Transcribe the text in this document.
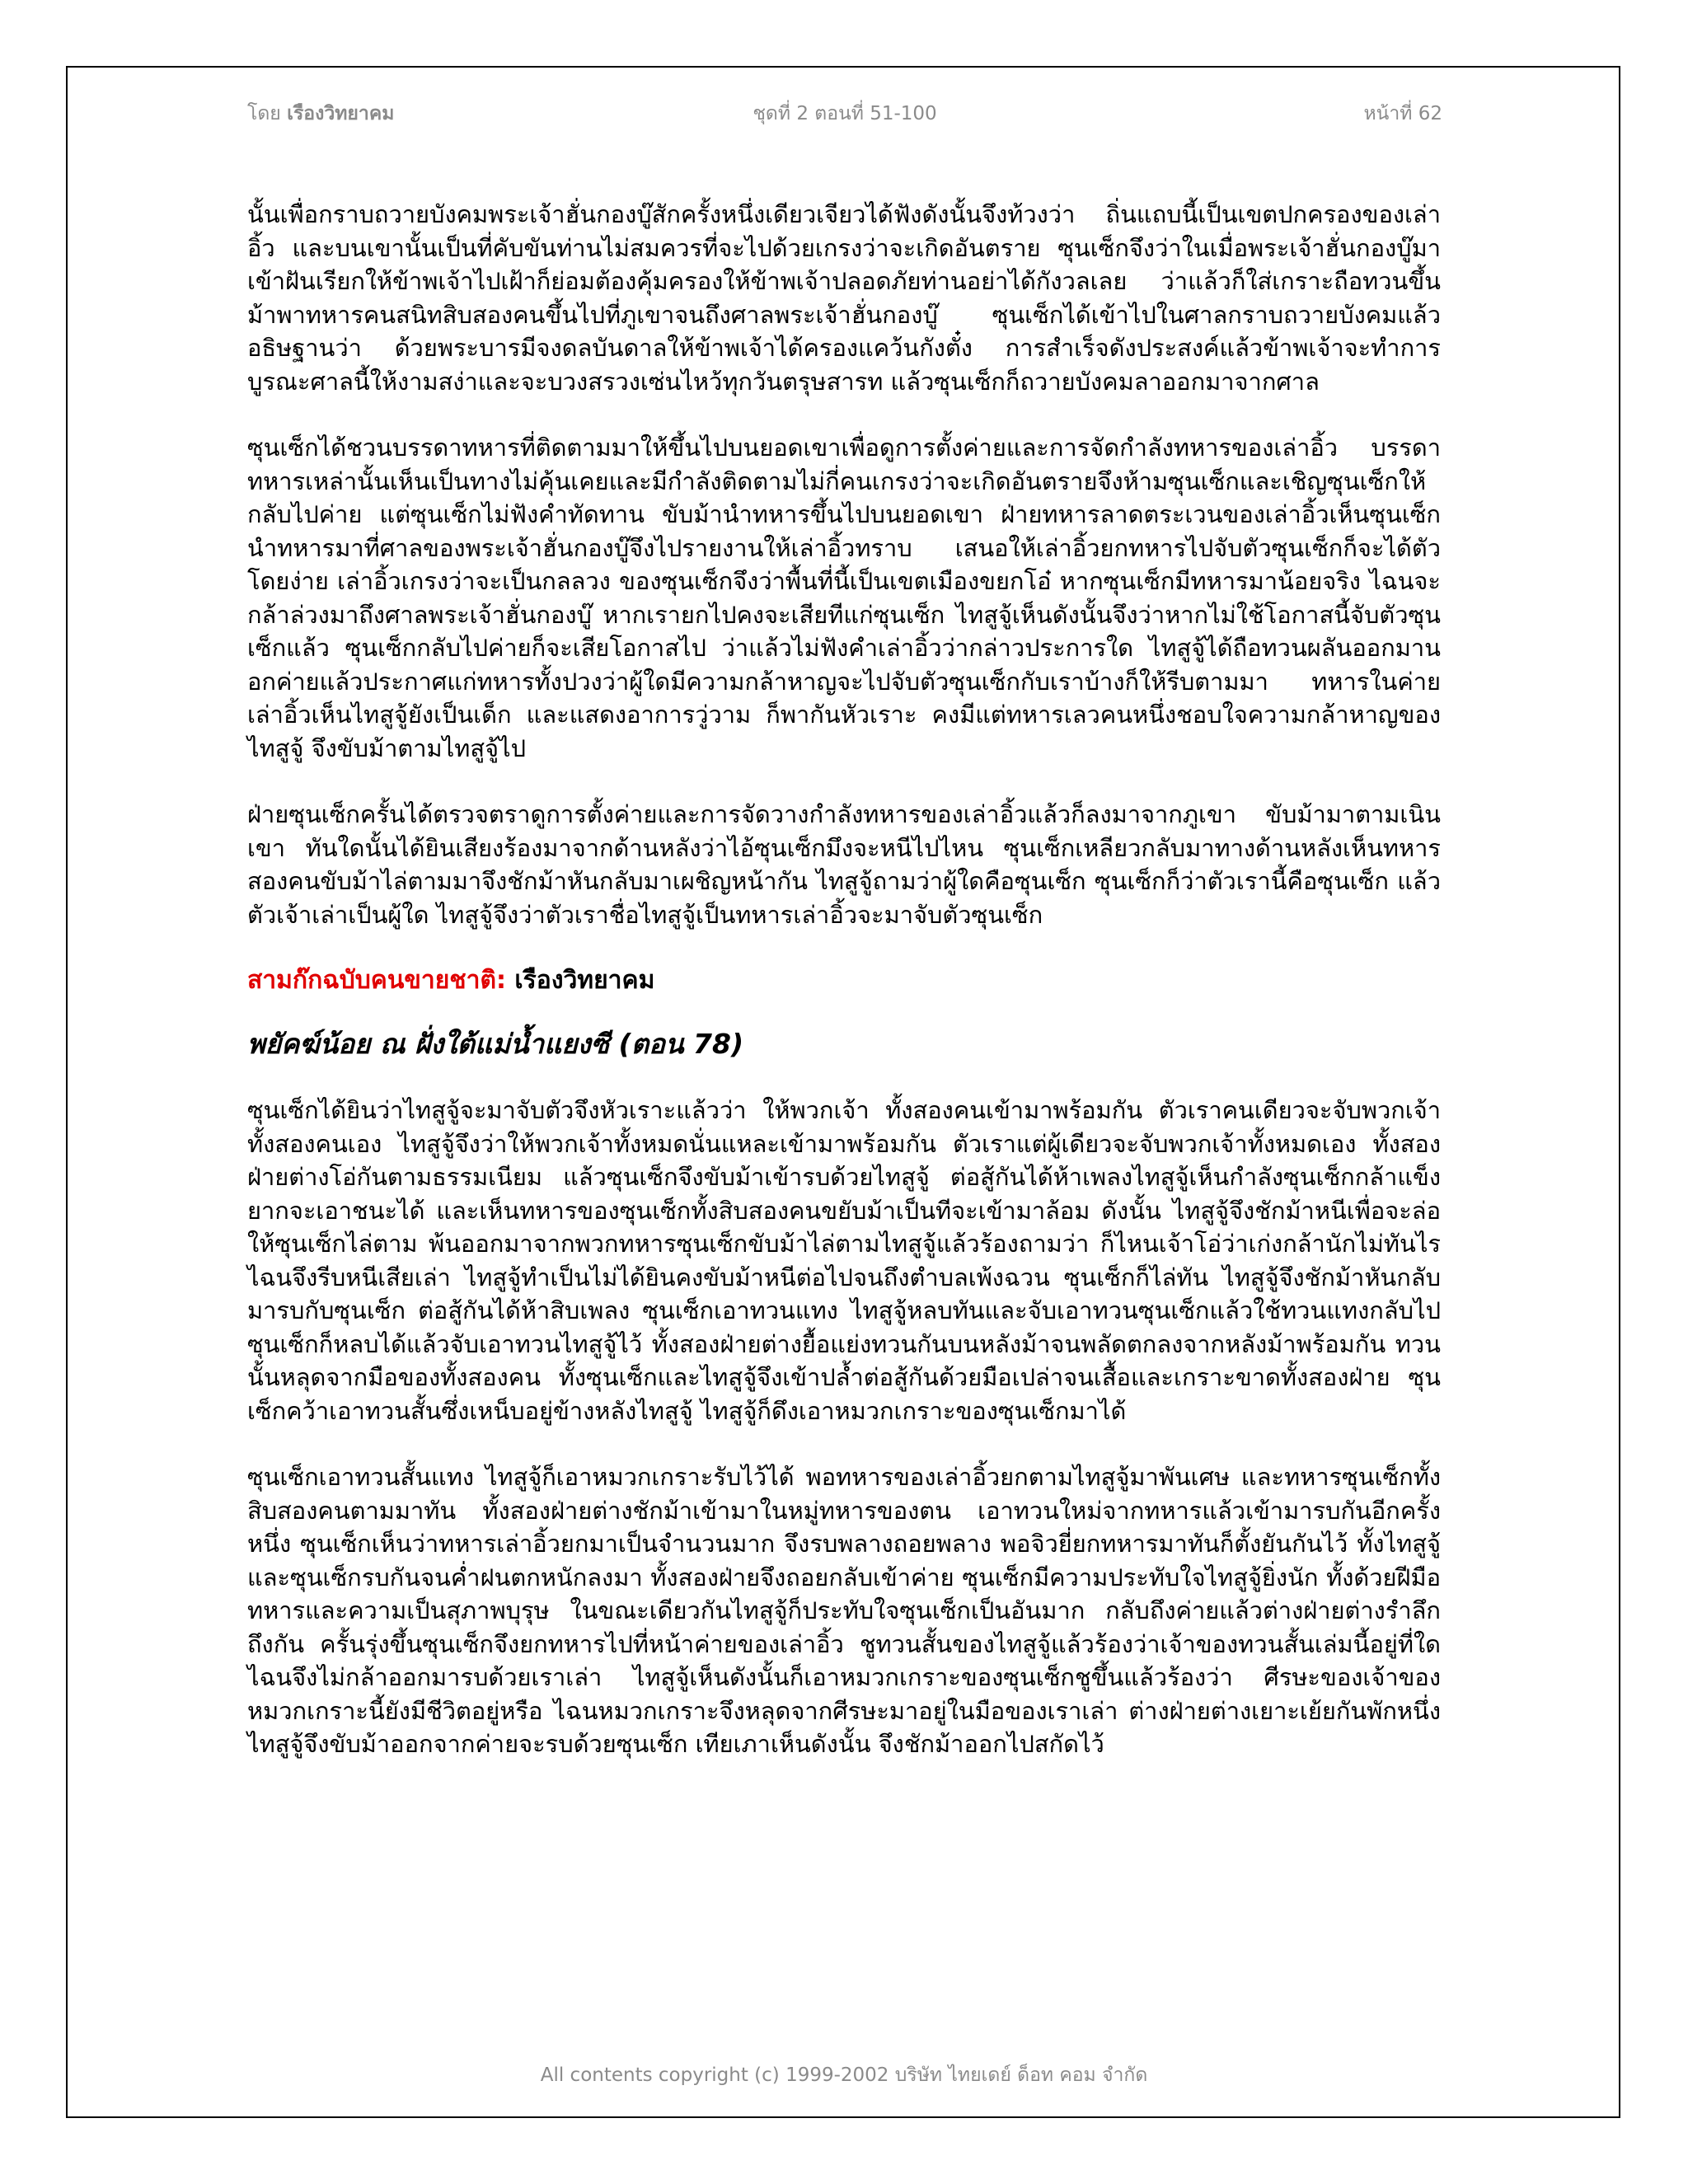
โดย เรืองวิทยาคม	ชุดที่ 2 ตอนที่ 51-100	หน้าที่ 62

นั้นเพื่อกราบถวายบังคมพระเจ้าฮั่นกองบู๊สักครั้งหนึ่งเดียวเจียวได้ฟังดังนั้นจึงท้วงว่า ถิ่นแถบนี้เป็นเขตปกครองของเล่าอิ้ว และบนเขานั้นเป็นที่คับขันท่านไม่สมควรที่จะไปด้วยเกรงว่าจะเกิดอันตราย ซุนเซ็กจึงว่าในเมื่อพระเจ้าฮั่นกองบู๊มาเข้าฝันเรียกให้ข้าพเจ้าไปเฝ้าก็ย่อมต้องคุ้มครองให้ข้าพเจ้าปลอดภัยท่านอย่าได้กังวลเลย ว่าแล้วก็ใส่เกราะถือทวนขึ้นม้าพาทหารคนสนิทสิบสองคนขึ้นไปที่ภูเขาจนถึงศาลพระเจ้าฮั่นกองบู๊ ซุนเซ็กได้เข้าไปในศาลกราบถวายบังคมแล้วอธิษฐานว่า ด้วยพระบารมีจงดลบันดาลให้ข้าพเจ้าได้ครองแคว้นกังตั๋ง การสำเร็จดังประสงค์แล้วข้าพเจ้าจะทำการบูรณะศาลนี้ให้งามสง่าและจะบวงสรวงเซ่นไหว้ทุกวันตรุษสารท แล้วซุนเซ็กก็ถวายบังคมลาออกมาจากศาล

ซุนเซ็กได้ชวนบรรดาทหารที่ติดตามมาให้ขึ้นไปบนยอดเขาเพื่อดูการตั้งค่ายและการจัดกำลังทหารของเล่าอิ้ว บรรดาทหารเหล่านั้นเห็นเป็นทางไม่คุ้นเคยและมีกำลังติดตามไม่กี่คนเกรงว่าจะเกิดอันตรายจึงห้ามซุนเซ็กและเชิญซุนเซ็กให้กลับไปค่าย แต่ซุนเซ็กไม่ฟังคำทัดทาน ขับม้านำทหารขึ้นไปบนยอดเขา ฝ่ายทหารลาดตระเวนของเล่าอิ้วเห็นซุนเซ็กนำทหารมาที่ศาลของพระเจ้าฮั่นกองบู๊จึงไปรายงานให้เล่าอิ้วทราบ เสนอให้เล่าอิ้วยกทหารไปจับตัวซุนเซ็กก็จะได้ตัวโดยง่าย เล่าอิ้วเกรงว่าจะเป็นกลลวง ของซุนเซ็กจึงว่าพื้นที่นี้เป็นเขตเมืองขยกโอ๋ หากซุนเซ็กมีทหารมาน้อยจริง ไฉนจะกล้าล่วงมาถึงศาลพระเจ้าฮั่นกองบู๊ หากเรายกไปคงจะเสียทีแก่ซุนเซ็ก ไทสูจู้เห็นดังนั้นจึงว่าหากไม่ใช้โอกาสนี้จับตัวซุนเซ็กแล้ว ซุนเซ็กกลับไปค่ายก็จะเสียโอกาสไป ว่าแล้วไม่ฟังคำเล่าอิ้วว่ากล่าวประการใด ไทสูจู้ได้ถือทวนผลันออกมานอกค่ายแล้วประกาศแก่ทหารทั้งปวงว่าผู้ใดมีความกล้าหาญจะไปจับตัวซุนเซ็กกับเราบ้างก็ให้รีบตามมา ทหารในค่ายเล่าอิ้วเห็นไทสูจู้ยังเป็นเด็ก และแสดงอาการวู่วาม ก็พากันหัวเราะ คงมีแต่ทหารเลวคนหนึ่งชอบใจความกล้าหาญของไทสูจู้ จึงขับม้าตามไทสูจู้ไป

ฝ่ายซุนเซ็กครั้นได้ตรวจตราดูการตั้งค่ายและการจัดวางกำลังทหารของเล่าอิ้วแล้วก็ลงมาจากภูเขา ขับม้ามาตามเนินเขา ทันใดนั้นได้ยินเสียงร้องมาจากด้านหลังว่าไอ้ซุนเซ็กมึงจะหนีไปไหน ซุนเซ็กเหลียวกลับมาทางด้านหลังเห็นทหารสองคนขับม้าไล่ตามมาจึงชักม้าหันกลับมาเผชิญหน้ากัน ไทสูจู้ถามว่าผู้ใดคือซุนเซ็ก ซุนเซ็กก็ว่าตัวเรานี้คือซุนเซ็ก แล้วตัวเจ้าเล่าเป็นผู้ใด ไทสูจู้จึงว่าตัวเราชื่อไทสูจู้เป็นทหารเล่าอิ้วจะมาจับตัวซุนเซ็ก

สามก๊กฉบับคนขายชาติ: เรืองวิทยาคม
พยัคฆ์น้อย ณ ฝั่งใต้แม่น้ำแยงซี (ตอน 78)

ซุนเซ็กได้ยินว่าไทสูจู้จะมาจับตัวจึงหัวเราะแล้วว่า ให้พวกเจ้า ทั้งสองคนเข้ามาพร้อมกัน ตัวเราคนเดียวจะจับพวกเจ้าทั้งสองคนเอง ไทสูจู้จึงว่าให้พวกเจ้าทั้งหมดนั่นแหละเข้ามาพร้อมกัน ตัวเราแต่ผู้เดียวจะจับพวกเจ้าทั้งหมดเอง ทั้งสองฝ่ายต่างโอ่กันตามธรรมเนียม แล้วซุนเซ็กจึงขับม้าเข้ารบด้วยไทสูจู้ ต่อสู้กันได้ห้าเพลงไทสูจู้เห็นกำลังซุนเซ็กกล้าแข็ง ยากจะเอาชนะได้ และเห็นทหารของซุนเซ็กทั้งสิบสองคนขยับม้าเป็นทีจะเข้ามาล้อม ดังนั้น ไทสูจู้จึงชักม้าหนีเพื่อจะล่อให้ซุนเซ็กไล่ตาม พ้นออกมาจากพวกทหารซุนเซ็กขับม้าไล่ตามไทสูจู้แล้วร้องถามว่า ก็ไหนเจ้าโอ่ว่าเก่งกล้านักไม่ทันไรไฉนจึงรีบหนีเสียเล่า ไทสูจู้ทำเป็นไม่ได้ยินคงขับม้าหนีต่อไปจนถึงตำบลเพ้งฉวน ซุนเซ็กก็ไล่ทัน ไทสูจู้จึงชักม้าหันกลับมารบกับซุนเซ็ก ต่อสู้กันได้ห้าสิบเพลง ซุนเซ็กเอาทวนแทง ไทสูจู้หลบทันและจับเอาทวนซุนเซ็กแล้วใช้ทวนแทงกลับไป ซุนเซ็กก็หลบได้แล้วจับเอาทวนไทสูจู้ไว้ ทั้งสองฝ่ายต่างยื้อแย่งทวนกันบนหลังม้าจนพลัดตกลงจากหลังม้าพร้อมกัน ทวนนั้นหลุดจากมือของทั้งสองคน ทั้งซุนเซ็กและไทสูจู้จึงเข้าปล้ำต่อสู้กันด้วยมือเปล่าจนเสื้อและเกราะขาดทั้งสองฝ่าย ซุนเซ็กคว้าเอาทวนสั้นซึ่งเหน็บอยู่ข้างหลังไทสูจู้ ไทสูจู้ก็ดึงเอาหมวกเกราะของซุนเซ็กมาได้

ซุนเซ็กเอาทวนสั้นแทง ไทสูจู้ก็เอาหมวกเกราะรับไว้ได้ พอทหารของเล่าอิ้วยกตามไทสูจู้มาพันเศษ และทหารซุนเซ็กทั้งสิบสองคนตามมาทัน ทั้งสองฝ่ายต่างชักม้าเข้ามาในหมู่ทหารของตน เอาทวนใหม่จากทหารแล้วเข้ามารบกันอีกครั้งหนึ่ง ซุนเซ็กเห็นว่าทหารเล่าอิ้วยกมาเป็นจำนวนมาก จึงรบพลางถอยพลาง พอจิวยี่ยกทหารมาทันก็ตั้งยันกันไว้ ทั้งไทสูจู้และซุนเซ็กรบกันจนค่ำฝนตกหนักลงมา ทั้งสองฝ่ายจึงถอยกลับเข้าค่าย ซุนเซ็กมีความประทับใจไทสูจู้ยิ่งนัก ทั้งด้วยฝีมือทหารและความเป็นสุภาพบุรุษ ในขณะเดียวกันไทสูจู้ก็ประทับใจซุนเซ็กเป็นอันมาก กลับถึงค่ายแล้วต่างฝ่ายต่างรำลึกถึงกัน ครั้นรุ่งขึ้นซุนเซ็กจึงยกทหารไปที่หน้าค่ายของเล่าอิ้ว ชูทวนสั้นของไทสูจู้แล้วร้องว่าเจ้าของทวนสั้นเล่มนี้อยู่ที่ใด ไฉนจึงไม่กล้าออกมารบด้วยเราเล่า ไทสูจู้เห็นดังนั้นก็เอาหมวกเกราะของซุนเซ็กชูขึ้นแล้วร้องว่า ศีรษะของเจ้าของหมวกเกราะนี้ยังมีชีวิตอยู่หรือ ไฉนหมวกเกราะจึงหลุดจากศีรษะมาอยู่ในมือของเราเล่า ต่างฝ่ายต่างเยาะเย้ยกันพักหนึ่ง ไทสูจู้จึงขับม้าออกจากค่ายจะรบด้วยซุนเซ็ก เทียเภาเห็นดังนั้น จึงชักม้าออกไปสกัดไว้

All contents copyright (c) 1999-2002 บริษัท ไทยเดย์ ด็อท คอม จำกัด
